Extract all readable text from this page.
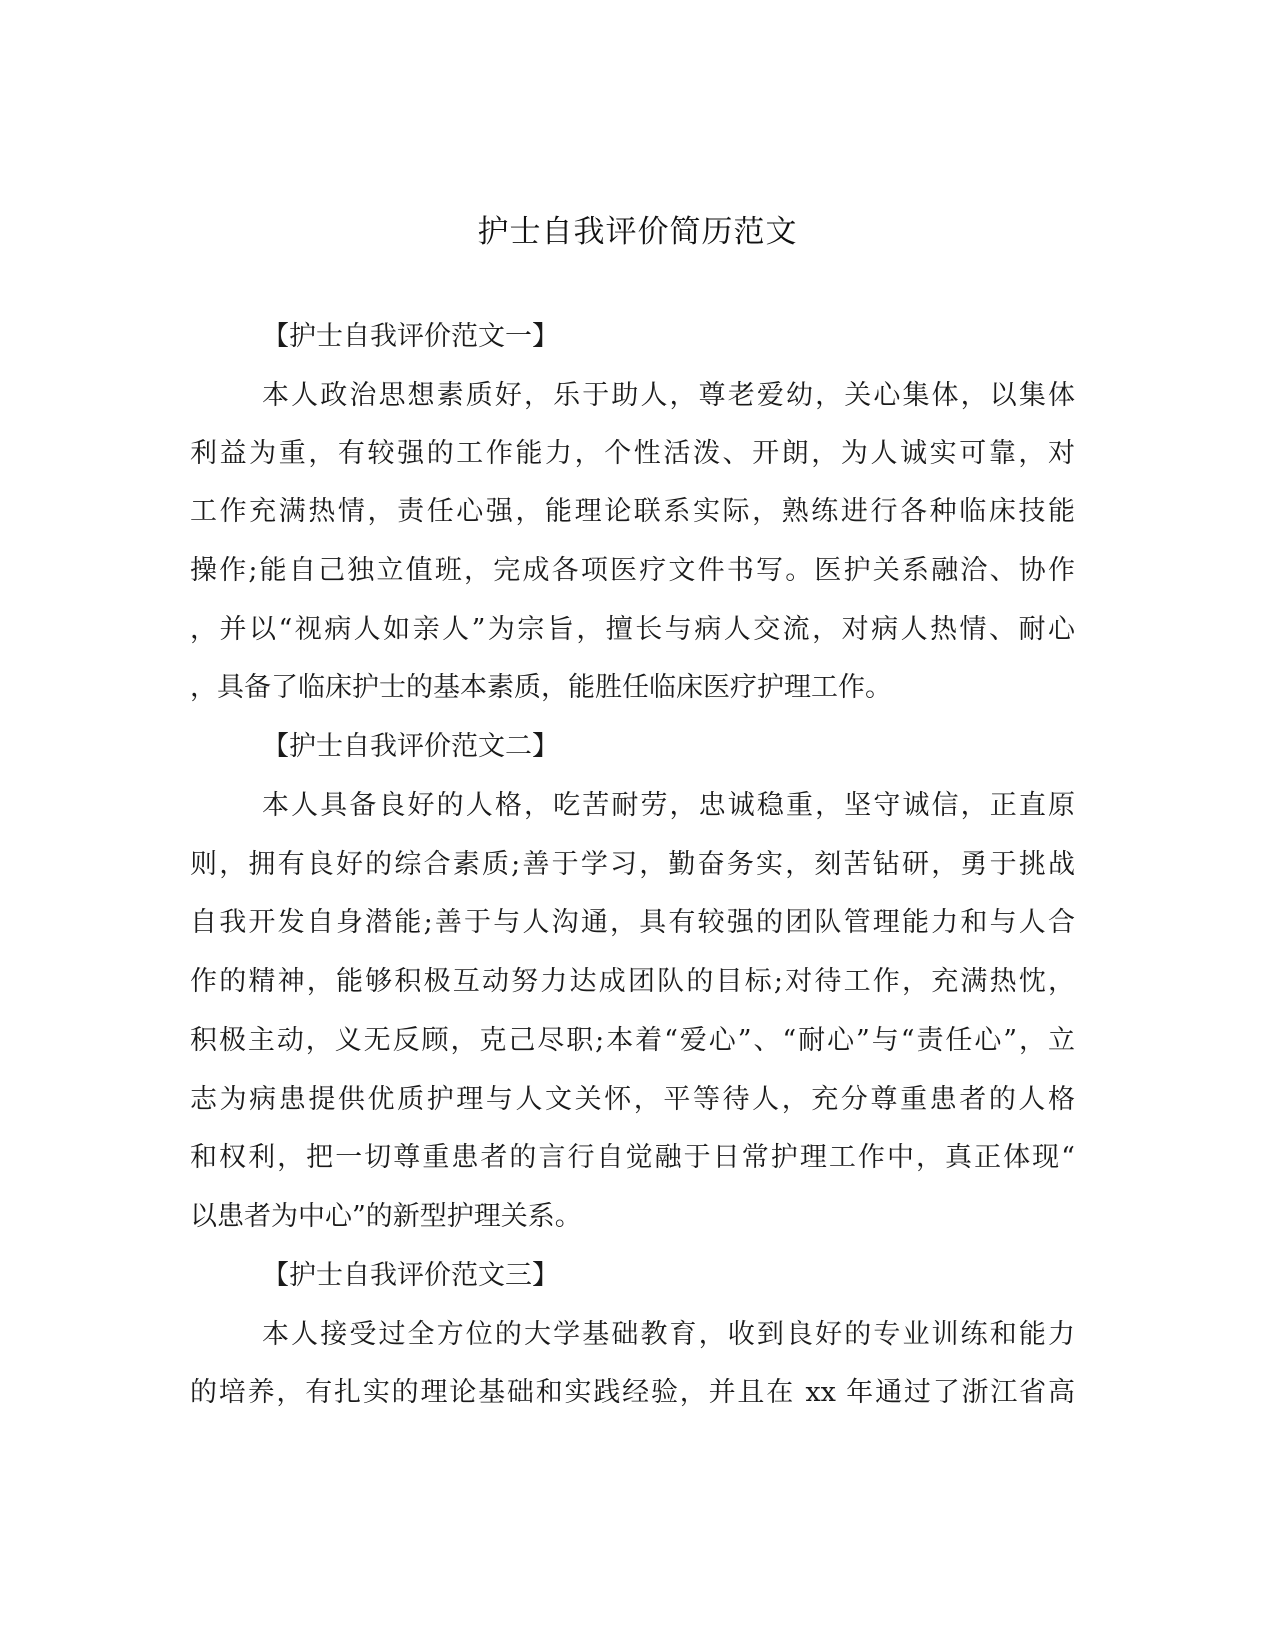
护士自我评价简历范文

【护士自我评价范文一】

本人政治思想素质好，乐于助人，尊老爱幼，关心集体，以集体

利益为重，有较强的工作能力，个性活泼、开朗，为人诚实可靠，对

工作充满热情，责任心强，能理论联系实际，熟练进行各种临床技能

操作;能自己独立值班，完成各项医疗文件书写。医护关系融洽、协作

，并以“视病人如亲人”为宗旨，擅长与病人交流，对病人热情、耐心

，具备了临床护士的基本素质，能胜任临床医疗护理工作。

【护士自我评价范文二】

本人具备良好的人格，吃苦耐劳，忠诚稳重，坚守诚信，正直原

则，拥有良好的综合素质;善于学习，勤奋务实，刻苦钻研，勇于挑战

自我开发自身潜能;善于与人沟通，具有较强的团队管理能力和与人合

作的精神，能够积极互动努力达成团队的目标;对待工作，充满热忱，

积极主动，义无反顾，克己尽职;本着“爱心”、“耐心”与“责任心”，立

志为病患提供优质护理与人文关怀，平等待人，充分尊重患者的人格

和权利，把一切尊重患者的言行自觉融于日常护理工作中，真正体现“

以患者为中心”的新型护理关系。

【护士自我评价范文三】

本人接受过全方位的大学基础教育，收到良好的专业训练和能力

的培养，有扎实的理论基础和实践经验，并且在 xx 年通过了浙江省高
